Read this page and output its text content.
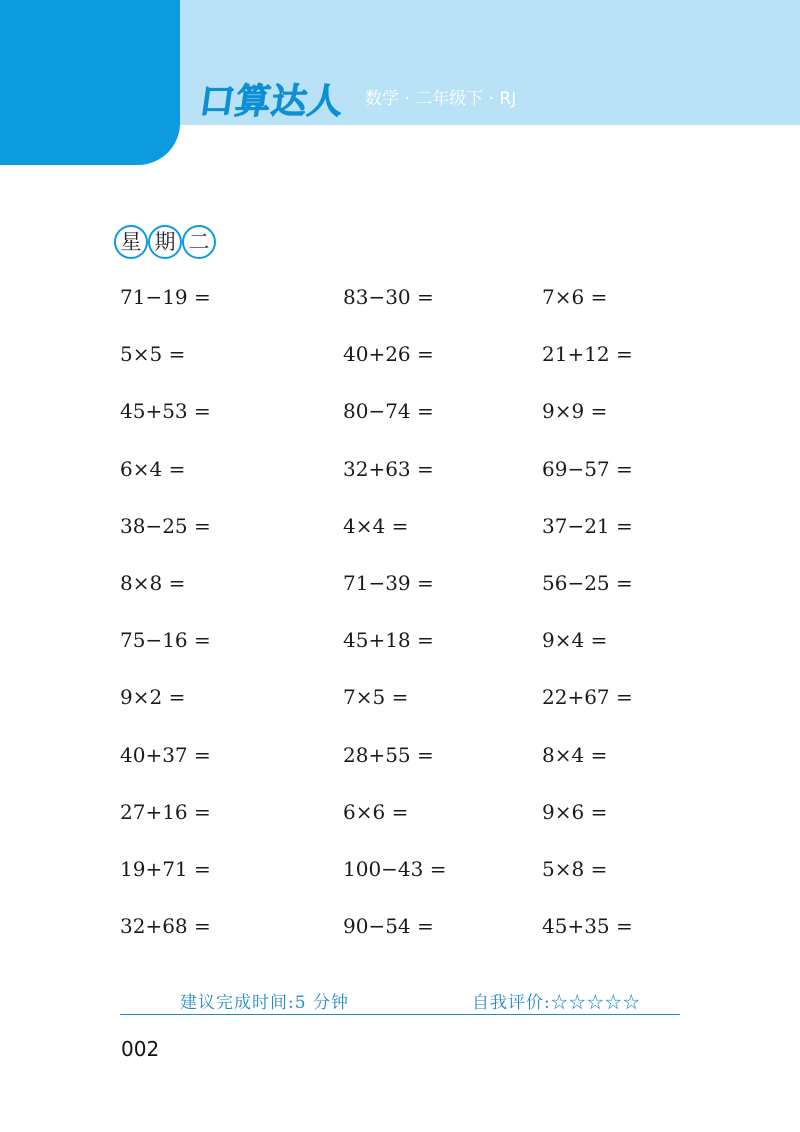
口算达人 数学 · 二年级下 · RJ
星 期 二
71−19 =	83−30 =	7×6 =
5×5 =	40+26 =	21+12 =
45+53 =	80−74 =	9×9 =
6×4 =	32+63 =	69−57 =
38−25 =	4×4 =	37−21 =
8×8 =	71−39 =	56−25 =
75−16 =	45+18 =	9×4 =
9×2 =	7×5 =	22+67 =
40+37 =	28+55 =	8×4 =
27+16 =	6×6 =	9×6 =
19+71 =	100−43 =	5×8 =
32+68 =	90−54 =	45+35 =
建议完成时间:5 分钟	自我评价:☆☆☆☆☆
002
